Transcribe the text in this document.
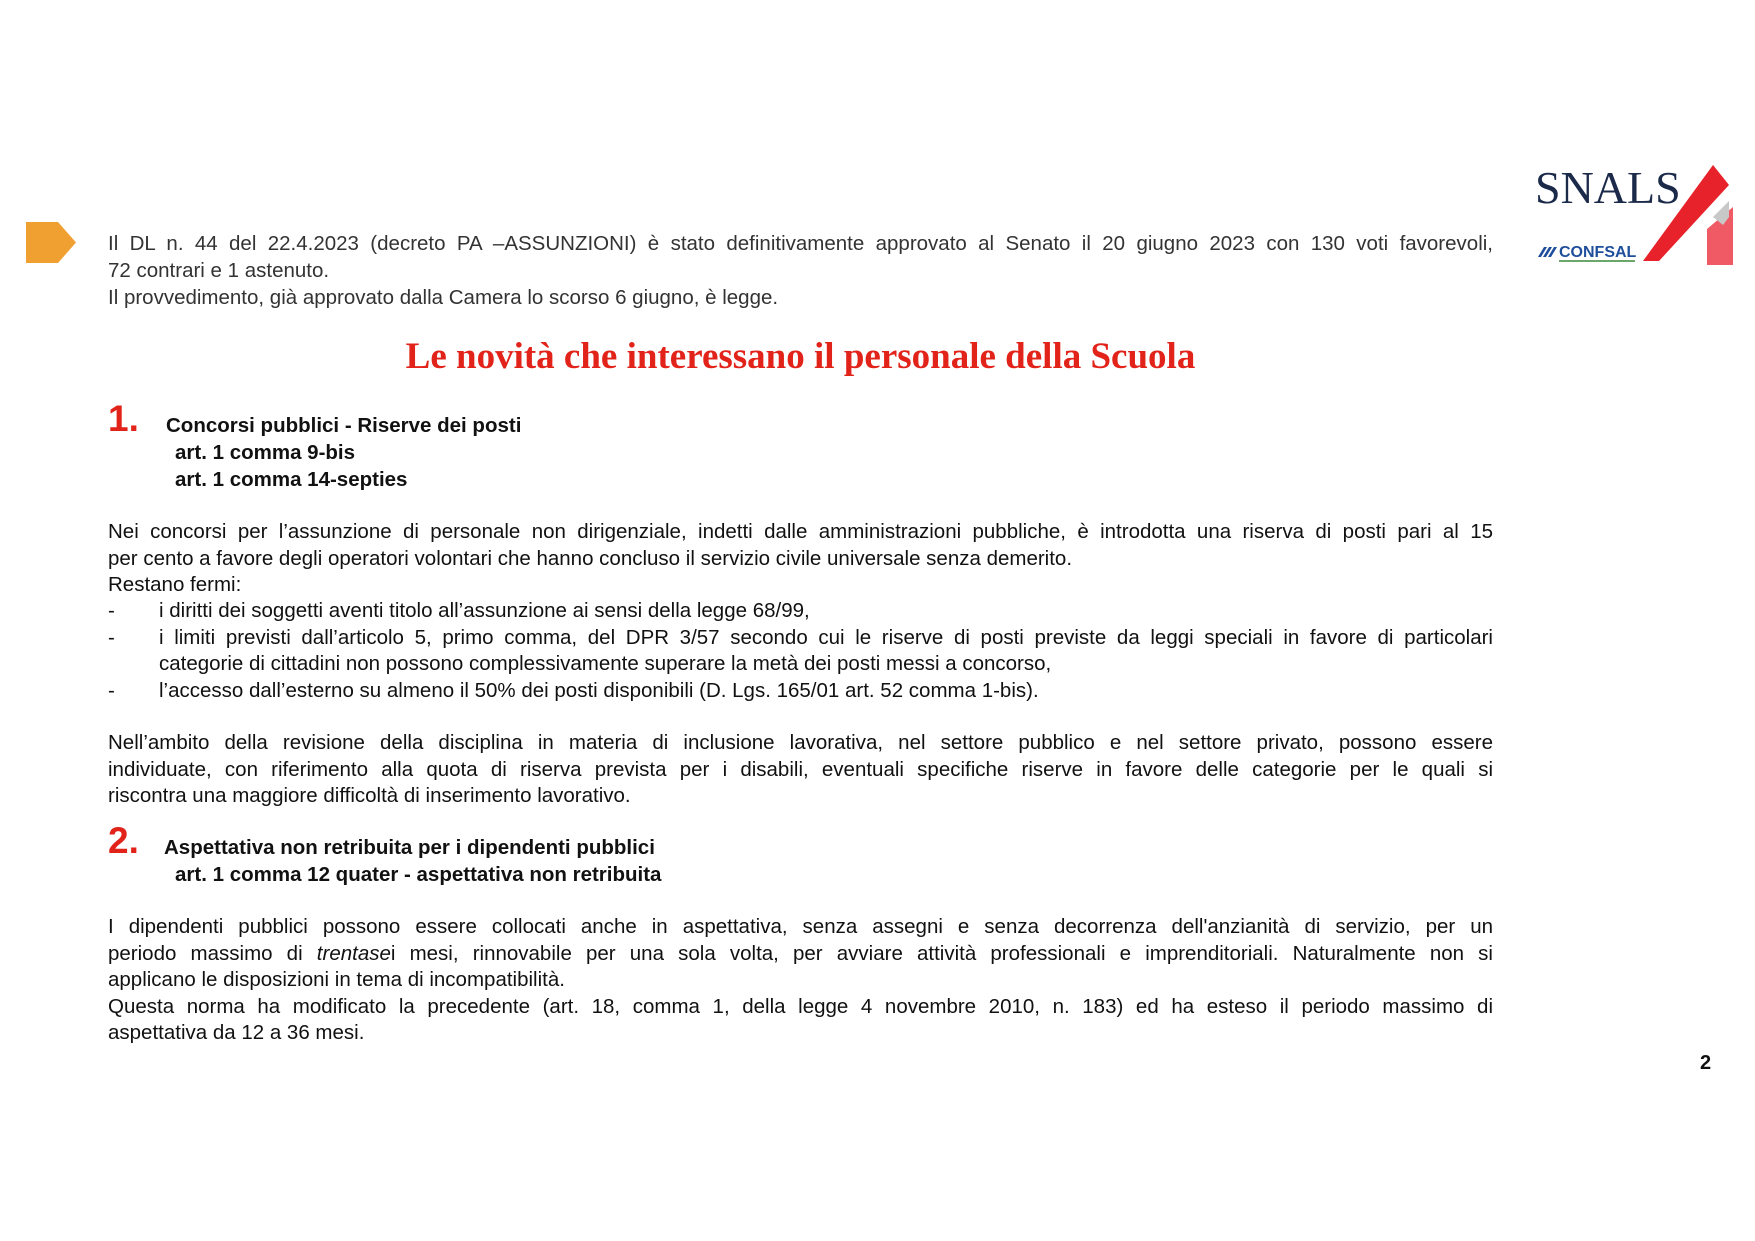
Il DL n. 44 del 22.4.2023 (decreto PA –ASSUNZIONI) è stato definitivamente approvato al Senato il 20 giugno 2023 con 130 voti favorevoli,
72 contrari e 1 astenuto.
Il provvedimento, già approvato dalla Camera lo scorso 6 giugno, è legge.
SNALS
CONFSAL
Le novità che interessano il personale della Scuola
1. Concorsi pubblici - Riserve dei posti
art. 1 comma 9-bis
art. 1 comma 14-septies
Nei concorsi per l’assunzione di personale non dirigenziale, indetti dalle amministrazioni pubbliche, è introdotta una riserva di posti pari al 15
per cento a favore degli operatori volontari che hanno concluso il servizio civile universale senza demerito.
Restano fermi:
- i diritti dei soggetti aventi titolo all’assunzione ai sensi della legge 68/99,
- i limiti previsti dall’articolo 5, primo comma, del DPR 3/57 secondo cui le riserve di posti previste da leggi speciali in favore di particolari
categorie di cittadini non possono complessivamente superare la metà dei posti messi a concorso,
- l’accesso dall’esterno su almeno il 50% dei posti disponibili (D. Lgs. 165/01 art. 52 comma 1-bis).
Nell’ambito della revisione della disciplina in materia di inclusione lavorativa, nel settore pubblico e nel settore privato, possono essere
individuate, con riferimento alla quota di riserva prevista per i disabili, eventuali specifiche riserve in favore delle categorie per le quali si
riscontra una maggiore difficoltà di inserimento lavorativo.
2. Aspettativa non retribuita per i dipendenti pubblici
art. 1 comma 12 quater - aspettativa non retribuita
I dipendenti pubblici possono essere collocati anche in aspettativa, senza assegni e senza decorrenza dell'anzianità di servizio, per un
periodo massimo di trentasei mesi, rinnovabile per una sola volta, per avviare attività professionali e imprenditoriali. Naturalmente non si
applicano le disposizioni in tema di incompatibilità.
Questa norma ha modificato la precedente (art. 18, comma 1, della legge 4 novembre 2010, n. 183) ed ha esteso il periodo massimo di
aspettativa da 12 a 36 mesi.
2
